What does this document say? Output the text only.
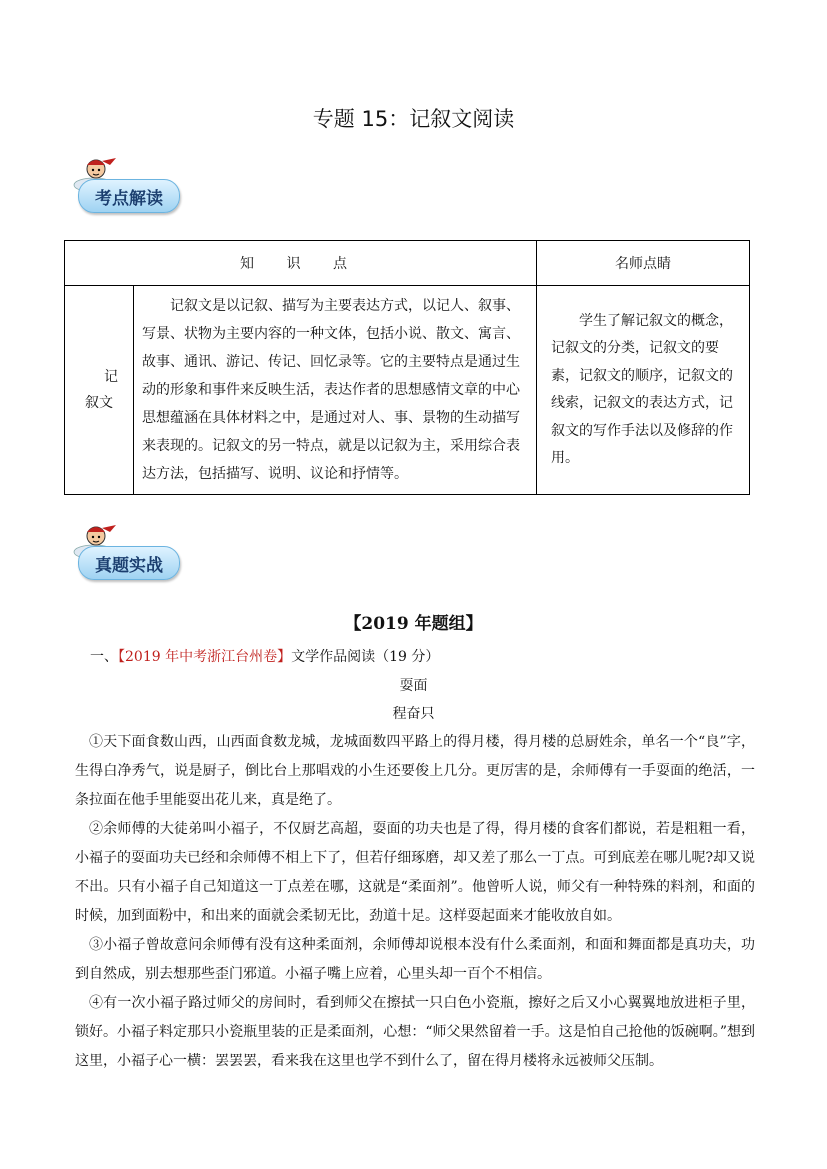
专题 15：记叙文阅读
考点解读
知 识 点		名师点睛

记
叙文	记叙文是以记叙、描写为主要表达方式，以记人、叙事、写景、状物为主要内容的一种文体，包括小说、散文、寓言、故事、通讯、游记、传记、回忆录等。它的主要特点是通过生动的形象和事件来反映生活，表达作者的思想感情文章的中心思想蕴涵在具体材料之中，是通过对人、事、景物的生动描写来表现的。记叙文的另一特点，就是以记叙为主，采用综合表达方法，包括描写、说明、议论和抒情等。	学生了解记叙文的概念，记叙文的分类，记叙文的要素，记叙文的顺序，记叙文的线索，记叙文的表达方式，记叙文的写作手法以及修辞的作用。
真题实战
【2019 年题组】
一、【2019 年中考浙江台州卷】文学作品阅读（19 分）
耍面
程奋只

①天下面食数山西，山西面食数龙城，龙城面数四平路上的得月楼，得月楼的总厨姓余，单名一个“良”字，生得白净秀气，说是厨子，倒比台上那唱戏的小生还要俊上几分。更厉害的是，余师傅有一手耍面的绝活，一条拉面在他手里能耍出花儿来，真是绝了。

②余师傅的大徒弟叫小福子，不仅厨艺高超，耍面的功夫也是了得，得月楼的食客们都说，若是粗粗一看，小福子的耍面功夫已经和余师傅不相上下了，但若仔细琢磨，却又差了那么一丁点。可到底差在哪儿呢?却又说不出。只有小福子自己知道这一丁点差在哪，这就是“柔面剂”。他曾听人说，师父有一种特殊的料剂，和面的时候，加到面粉中，和出来的面就会柔韧无比，劲道十足。这样耍起面来才能收放自如。

③小福子曾故意问余师傅有没有这种柔面剂，余师傅却说根本没有什么柔面剂，和面和舞面都是真功夫，功到自然成，别去想那些歪门邪道。小福子嘴上应着，心里头却一百个不相信。

④有一次小福子路过师父的房间时，看到师父在擦拭一只白色小瓷瓶，擦好之后又小心翼翼地放进柜子里，锁好。小福子料定那只小瓷瓶里装的正是柔面剂，心想：“师父果然留着一手。这是怕自己抢他的饭碗啊。”想到这里，小福子心一横：罢罢罢，看来我在这里也学不到什么了，留在得月楼将永远被师父压制。
